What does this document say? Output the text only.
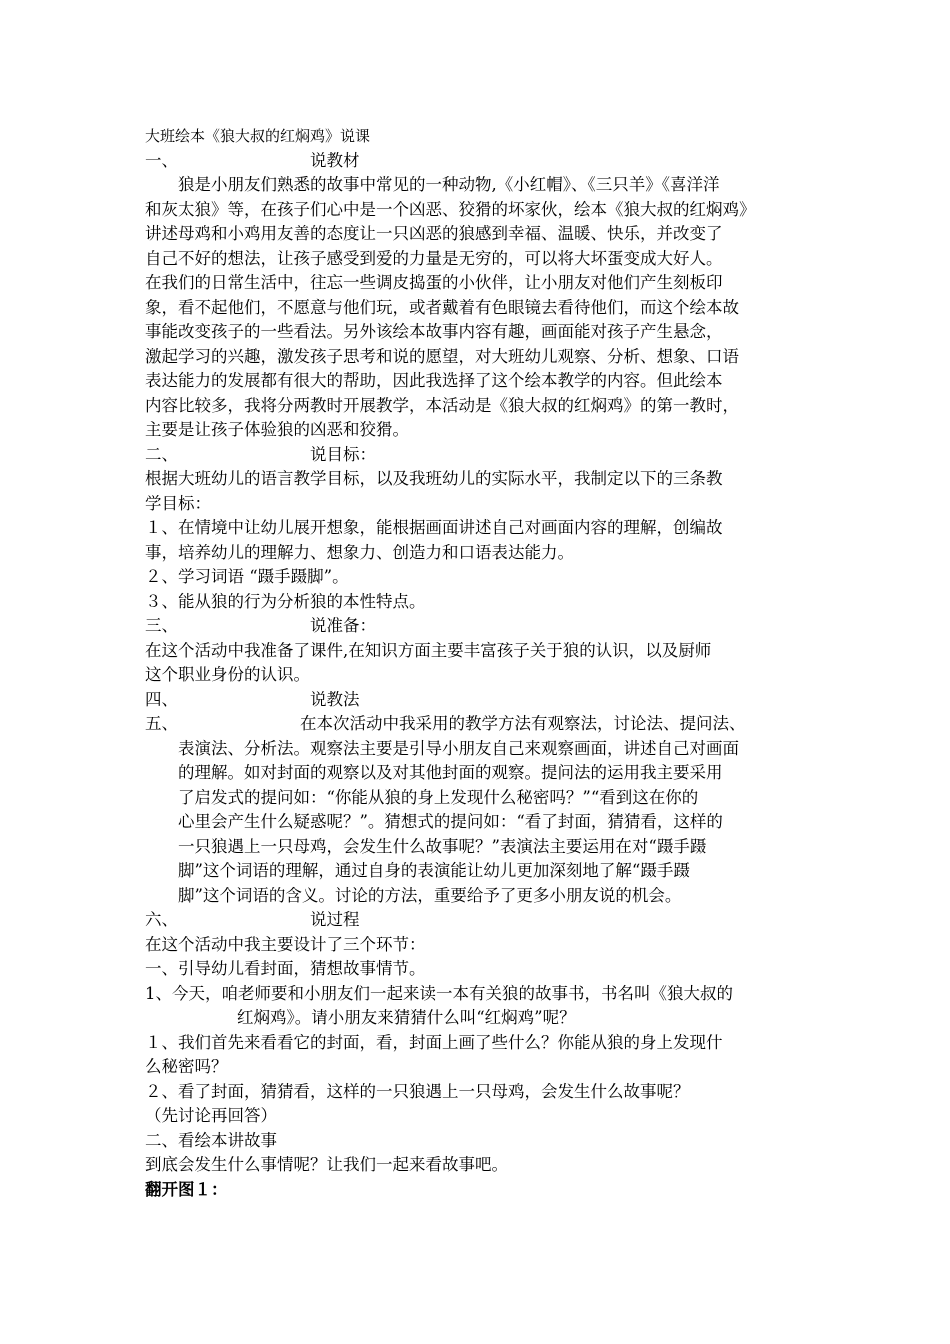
大班绘本《狼大叔的红焖鸡》说课
一、	说教材
狼是小朋友们熟悉的故事中常见的一种动物,《小红帽》、《三只羊》《喜洋洋
和灰太狼》等，在孩子们心中是一个凶恶、狡猾的坏家伙，绘本《狼大叔的红焖鸡》
讲述母鸡和小鸡用友善的态度让一只凶恶的狼感到幸福、温暖、快乐，并改变了
自己不好的想法，让孩子感受到爱的力量是无穷的，可以将大坏蛋变成大好人。
在我们的日常生活中，往忘一些调皮捣蛋的小伙伴，让小朋友对他们产生刻板印
象，看不起他们，不愿意与他们玩，或者戴着有色眼镜去看待他们，而这个绘本故
事能改变孩子的一些看法。另外该绘本故事内容有趣，画面能对孩子产生悬念，
激起学习的兴趣，激发孩子思考和说的愿望，对大班幼儿观察、分析、想象、口语
表达能力的发展都有很大的帮助，因此我选择了这个绘本教学的内容。但此绘本
内容比较多，我将分两教时开展教学，本活动是《狼大叔的红焖鸡》的第一教时，
主要是让孩子体验狼的凶恶和狡猾。
二、	说目标：
根据大班幼儿的语言教学目标，以及我班幼儿的实际水平，我制定以下的三条教
学目标：
１、在情境中让幼儿展开想象，能根据画面讲述自己对画面内容的理解，创编故
事，培养幼儿的理解力、想象力、创造力和口语表达能力。
２、学习词语 “蹑手蹑脚”。
３、能从狼的行为分析狼的本性特点。
三、	说准备：
在这个活动中我准备了课件,在知识方面主要丰富孩子关于狼的认识，以及厨师
这个职业身份的认识。
四、	说教法
五、	在本次活动中我采用的教学方法有观察法，讨论法、提问法、
表演法、分析法。观察法主要是引导小朋友自己来观察画面，讲述自己对画面
的理解。如对封面的观察以及对其他封面的观察。提问法的运用我主要采用
了启发式的提问如：“你能从狼的身上发现什么秘密吗？”“看到这在你的
心里会产生什么疑惑呢？”。猜想式的提问如：“看了封面，猜猜看，这样的
一只狼遇上一只母鸡，会发生什么故事呢？”表演法主要运用在对“蹑手蹑
脚”这个词语的理解，通过自身的表演能让幼儿更加深刻地了解“蹑手蹑
脚”这个词语的含义。讨论的方法，重要给予了更多小朋友说的机会。
六、	说过程
在这个活动中我主要设计了三个环节：
一、引导幼儿看封面，猜想故事情节。
1、今天，咱老师要和小朋友们一起来读一本有关狼的故事书，书名叫《狼大叔的
红焖鸡》。请小朋友来猜猜什么叫“红焖鸡”呢？
１、我们首先来看看它的封面，看，封面上画了些什么？你能从狼的身上发现什
么秘密吗？
２、看了封面，猜猜看，这样的一只狼遇上一只母鸡，会发生什么故事呢？
（先讨论再回答）
二、看绘本讲故事
到底会发生什么事情呢？让我们一起来看故事吧。
翻开图１：
